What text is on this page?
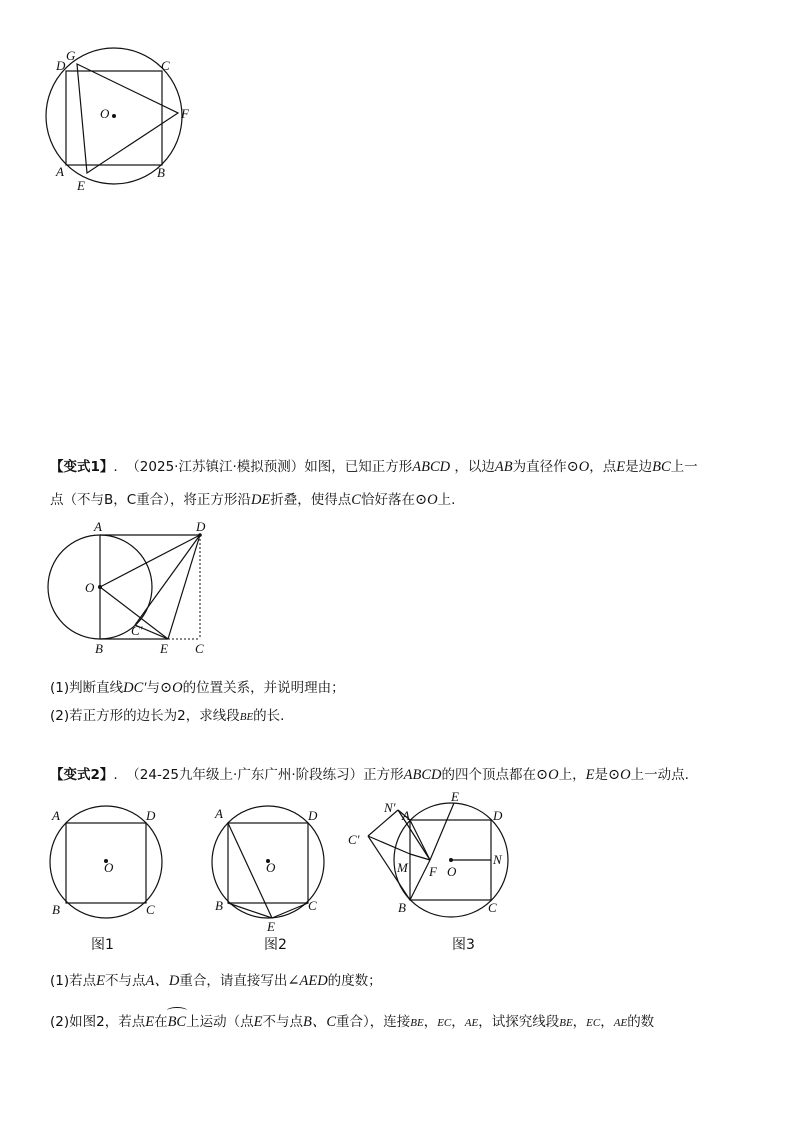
G
D	C
O	F
A
E
B
【变式1】. （2025·江苏镇江·模拟预测）如图，已知正方形ABCD ，以边AB为直径作⊙O，点E是边BC上一
点（不与B，C重合），将正方形沿DE折叠，使得点C恰好落在⊙O上.
A	D
O
C′
B	E C
(1)判断直线DC′与⊙O的位置关系，并说明理由；
(2)若正方形的边长为2，求线段BE的长.
【变式2】. （24-25九年级上·广东广州·阶段练习）正方形ABCD的四个顶点都在⊙O上，E是⊙O上一动点.
A	D
O
B	C
图1
A	D
O
B	C
E
图2
N′
E
A	D
C′
M F O
N
B	C
图3
(1)若点E不与点A、D重合，请直接写出∠AED的度数；
(2)如图2，若点E在
BC上运动（点E不与点B、C重合），连接BE，EC，AE，试探究线段BE，EC，AE的数
